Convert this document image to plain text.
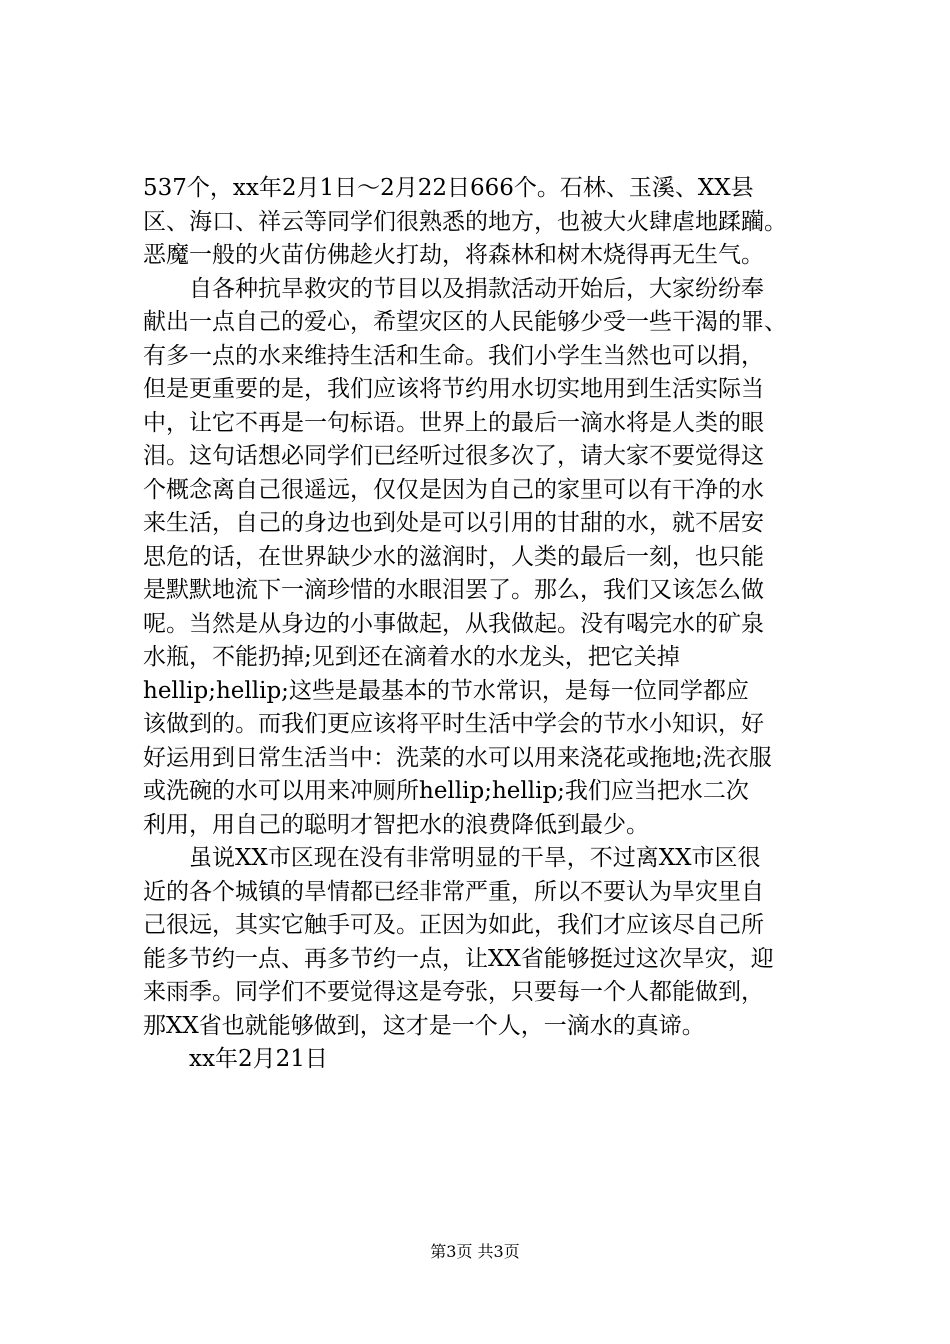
537个，xx年2月1日～2月22日666个。石林、玉溪、XX县
区、海口、祥云等同学们很熟悉的地方，也被大火肆虐地蹂躏。
恶魔一般的火苗仿佛趁火打劫，将森林和树木烧得再无生气。
自各种抗旱救灾的节目以及捐款活动开始后，大家纷纷奉
献出一点自己的爱心，希望灾区的人民能够少受一些干渴的罪、
有多一点的水来维持生活和生命。我们小学生当然也可以捐，
但是更重要的是，我们应该将节约用水切实地用到生活实际当
中，让它不再是一句标语。世界上的最后一滴水将是人类的眼
泪。这句话想必同学们已经听过很多次了，请大家不要觉得这
个概念离自己很遥远，仅仅是因为自己的家里可以有干净的水
来生活，自己的身边也到处是可以引用的甘甜的水，就不居安
思危的话，在世界缺少水的滋润时，人类的最后一刻，也只能
是默默地流下一滴珍惜的水眼泪罢了。那么，我们又该怎么做
呢。当然是从身边的小事做起，从我做起。没有喝完水的矿泉
水瓶，不能扔掉;见到还在滴着水的水龙头，把它关掉
hellip;hellip;这些是最基本的节水常识，是每一位同学都应
该做到的。而我们更应该将平时生活中学会的节水小知识，好
好运用到日常生活当中：洗菜的水可以用来浇花或拖地;洗衣服
或洗碗的水可以用来冲厕所hellip;hellip;我们应当把水二次
利用，用自己的聪明才智把水的浪费降低到最少。
虽说XX市区现在没有非常明显的干旱，不过离XX市区很
近的各个城镇的旱情都已经非常严重，所以不要认为旱灾里自
己很远，其实它触手可及。正因为如此，我们才应该尽自己所
能多节约一点、再多节约一点，让XX省能够挺过这次旱灾，迎
来雨季。同学们不要觉得这是夸张，只要每一个人都能做到，
那XX省也就能够做到，这才是一个人，一滴水的真谛。
xx年2月21日
第3页 共3页
